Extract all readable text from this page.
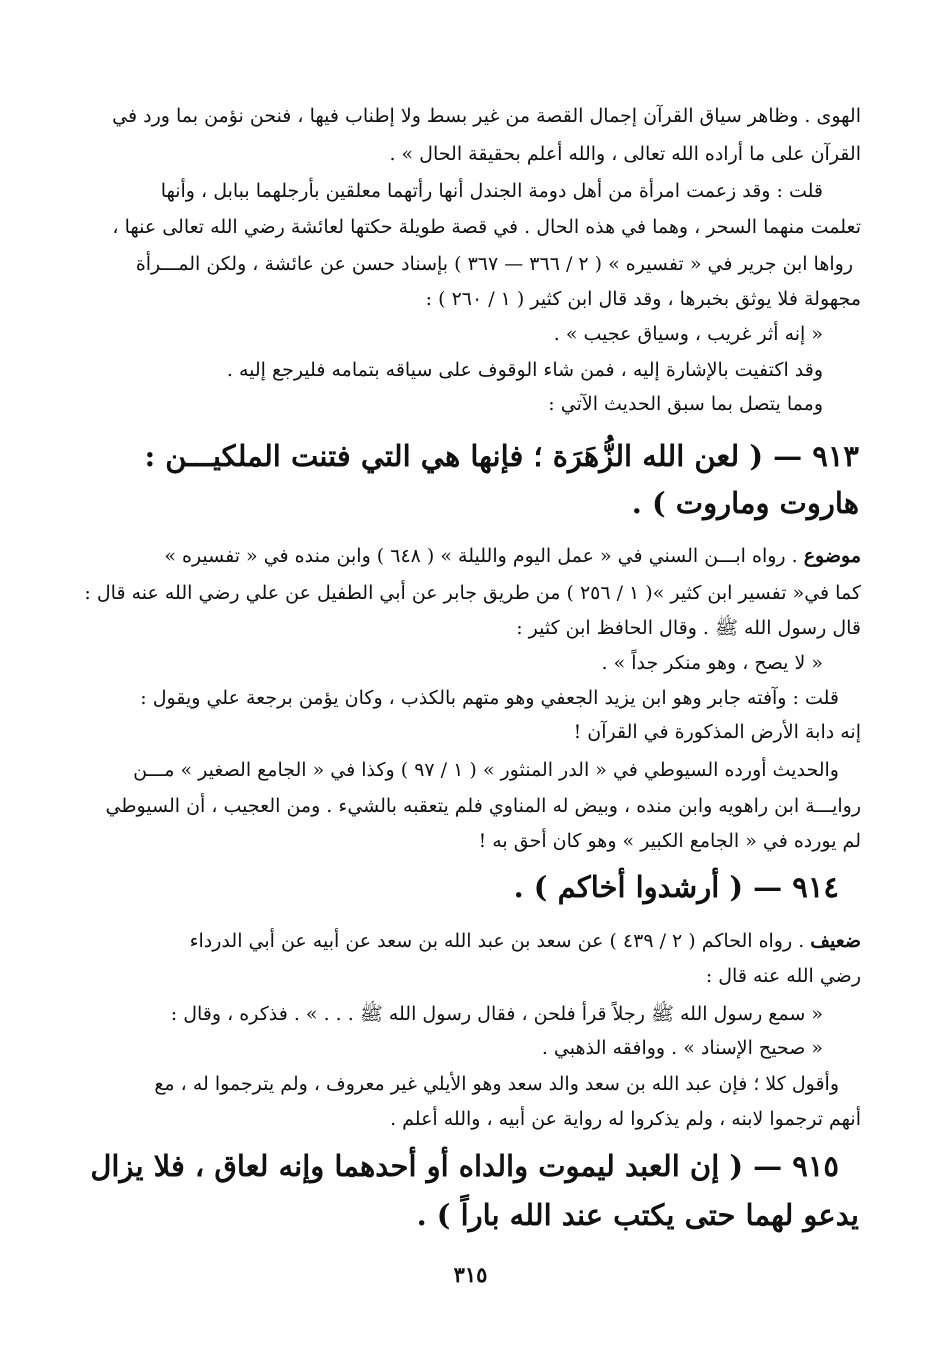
الهوى . وظاهر سياق القرآن إجمال القصة من غير بسط ولا إطناب فيها ، فنحن نؤمن بما ورد في
القرآن على ما أراده الله تعالى ، والله أعلم بحقيقة الحال » .
قلت : وقد زعمت امرأة من أهل دومة الجندل أنها رأتهما معلقين بأرجلهما ببابل ، وأنها
تعلمت منهما السحر ، وهما في هذه الحال . في قصة طويلة حكتها لعائشة رضي الله تعالى عنها ،
رواها ابن جرير في « تفسيره » ( ٢ / ٣٦٦ — ٣٦٧ ) بإسناد حسن عن عائشة ، ولكن المـــرأة
مجهولة فلا يوثق بخبرها ، وقد قال ابن كثير ( ١ / ٢٦٠ ) :
« إنه أثر غريب ، وسياق عجيب » .
وقد اكتفيت بالإشارة إليه ، فمن شاء الوقوف على سياقه بتمامه فليرجع إليه .
ومما يتصل بما سبق الحديث الآتي :
٩١٣ — ( لعن الله الزُّهَرَة ؛ فإنها هي التي فتنت الملكيـــن :
هاروت وماروت ) .
موضوع . رواه ابـــن السني في « عمل اليوم والليلة » ( ٦٤٨ ) وابن منده في « تفسيره »
كما في« تفسير ابن كثير »( ١ / ٢٥٦ ) من طريق جابر عن أبي الطفيل عن علي رضي الله عنه قال :
قال رسول الله ﷺ . وقال الحافظ ابن كثير :
« لا يصح ، وهو منكر جداً » .
قلت : وآفته جابر وهو ابن يزيد الجعفي وهو متهم بالكذب ، وكان يؤمن برجعة علي ويقول :
إنه دابة الأرض المذكورة في القرآن !
والحديث أورده السيوطي في « الدر المنثور » ( ١ / ٩٧ ) وكذا في « الجامع الصغير » مـــن
روايـــة ابن راهويه وابن منده ، وبيض له المناوي فلم يتعقبه بالشيء . ومن العجيب ، أن السيوطي
لم يورده في « الجامع الكبير » وهو كان أحق به !
٩١٤ — ( أرشدوا أخاكم ) .
ضعيف . رواه الحاكم ( ٢ / ٤٣٩ ) عن سعد بن عبد الله بن سعد عن أبيه عن أبي الدرداء
رضي الله عنه قال :
« سمع رسول الله ﷺ رجلاً قرأ فلحن ، فقال رسول الله ﷺ . . . » . فذكره ، وقال :
« صحيح الإسناد » . ووافقه الذهبي .
وأقول كلا ؛ فإن عبد الله بن سعد والد سعد وهو الأيلي غير معروف ، ولم يترجموا له ، مع
أنهم ترجموا لابنه ، ولم يذكروا له رواية عن أبيه ، والله أعلم .
٩١٥ — ( إن العبد ليموت والداه أو أحدهما وإنه لعاق ، فلا يزال
يدعو لهما حتى يكتب عند الله باراً ) .
٣١٥
